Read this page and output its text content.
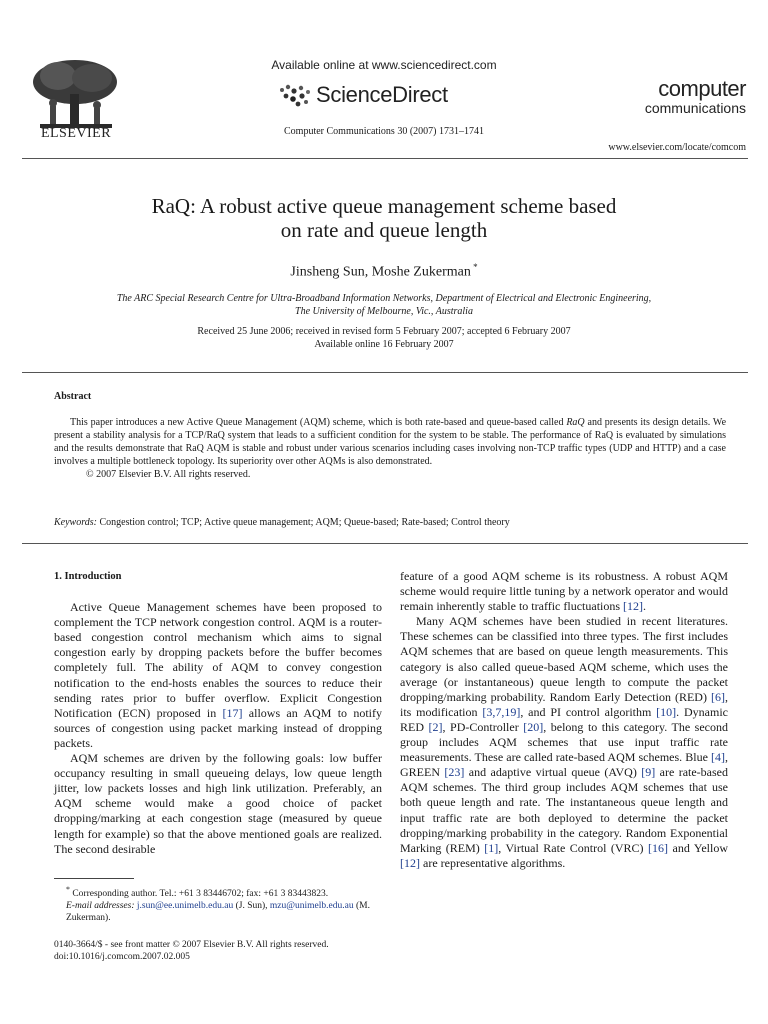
ELSEVIER
Available online at www.sciencedirect.com
ScienceDirect
Computer Communications 30 (2007) 1731–1741
computer
communications
www.elsevier.com/locate/comcom
RaQ: A robust active queue management scheme based
on rate and queue length
Jinsheng Sun, Moshe Zukerman *
The ARC Special Research Centre for Ultra-Broadband Information Networks, Department of Electrical and Electronic Engineering,
The University of Melbourne, Vic., Australia
Received 25 June 2006; received in revised form 5 February 2007; accepted 6 February 2007
Available online 16 February 2007
Abstract

This paper introduces a new Active Queue Management (AQM) scheme, which is both rate-based and queue-based called RaQ and presents its design details. We present a stability analysis for a TCP/RaQ system that leads to a sufficient condition for the system to be stable. The performance of RaQ is evaluated by simulations and the results demonstrate that RaQ AQM is stable and robust under various scenarios including cases involving non-TCP traffic types (UDP and HTTP) and a case involves a multiple bottleneck topology. Its superiority over other AQMs is also demonstrated.

© 2007 Elsevier B.V. All rights reserved.

Keywords: Congestion control; TCP; Active queue management; AQM; Queue-based; Rate-based; Control theory
1. Introduction

Active Queue Management schemes have been proposed to complement the TCP network congestion control. AQM is a router-based congestion control mechanism which aims to signal congestion early by dropping packets before the buffer becomes completely full. The ability of AQM to convey congestion notification to the end-hosts enables the sources to reduce their sending rates prior to buffer overflow. Explicit Congestion Notification (ECN) proposed in [17] allows an AQM to notify sources of congestion using packet marking instead of dropping packets.

AQM schemes are driven by the following goals: low buffer occupancy resulting in small queueing delays, low queue length jitter, low packets losses and high link utilization. Preferably, an AQM scheme would make a good choice of packet dropping/marking at each congestion stage (measured by queue length for example) so that the above mentioned goals are realized. The second desirable

feature of a good AQM scheme is its robustness. A robust AQM scheme would require little tuning by a network operator and would remain inherently stable to traffic fluctuations [12].

Many AQM schemes have been studied in recent literatures. These schemes can be classified into three types. The first includes AQM schemes that are based on queue length measurements. This category is also called queue-based AQM scheme, which uses the average (or instantaneous) queue length to compute the packet dropping/marking probability. Random Early Detection (RED) [6], its modification [3,7,19], and PI control algorithm [10]. Dynamic RED [2], PD-Controller [20], belong to this category. The second group includes AQM schemes that use input traffic rate measurements. These are called rate-based AQM schemes. Blue [4], GREEN [23] and adaptive virtual queue (AVQ) [9] are rate-based AQM schemes. The third group includes AQM schemes that use both queue length and rate. The instantaneous queue length and input traffic rate are both deployed to determine the packet dropping/marking probability in the category. Random Exponential Marking (REM) [1], Virtual Rate Control (VRC) [16] and Yellow [12] are representative algorithms.

* Corresponding author. Tel.: +61 3 83446702; fax: +61 3 83443823.
E-mail addresses: j.sun@ee.unimelb.edu.au (J. Sun), mzu@unimelb.edu.au (M. Zukerman).
0140-3664/$ - see front matter © 2007 Elsevier B.V. All rights reserved.
doi:10.1016/j.comcom.2007.02.005
